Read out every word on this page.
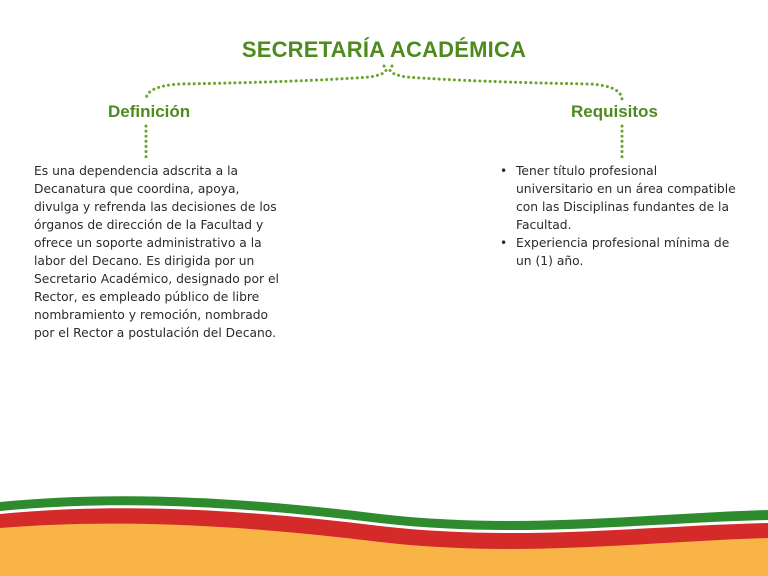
SECRETARÍA ACADÉMICA
Definición	Requisitos
Es una dependencia adscrita a la Decanatura que coordina, apoya, divulga y refrenda las decisiones de los órganos de dirección de la Facultad y ofrece un soporte administrativo a la labor del Decano. Es dirigida por un Secretario Académico, designado por el Rector, es empleado público de libre nombramiento y remoción, nombrado por el Rector a postulación del Decano.
• Tener título profesional universitario en un área compatible con las Disciplinas fundantes de la Facultad.
• Experiencia profesional mínima de un (1) año.
